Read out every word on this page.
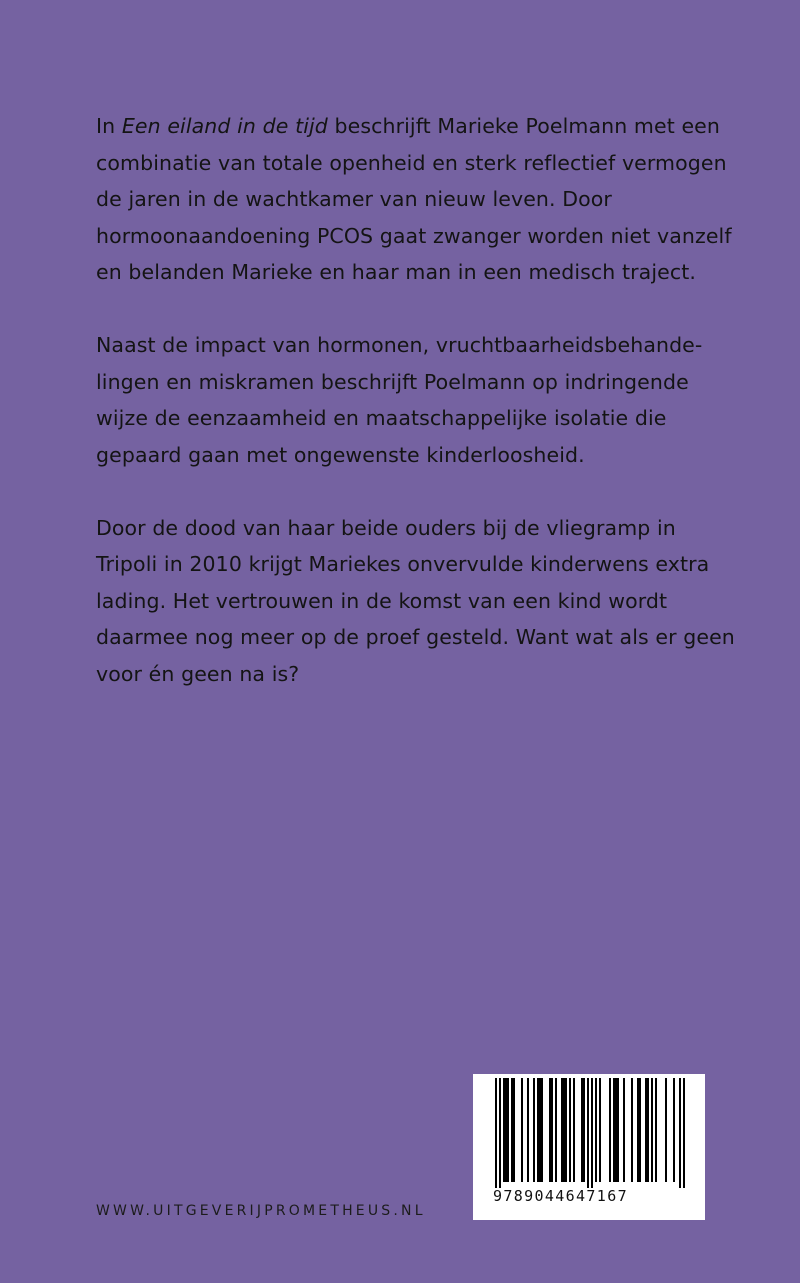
In Een eiland in de tijd beschrijft Marieke Poelmann met een combinatie van totale openheid en sterk reflectief vermogen de jaren in de wachtkamer van nieuw leven. Door hormoonaandoening PCOS gaat zwanger worden niet vanzelf en belanden Marieke en haar man in een medisch traject.

Naast de impact van hormonen, vruchtbaarheidsbehande-lingen en miskramen beschrijft Poelmann op indringende wijze de eenzaamheid en maatschappelijke isolatie die gepaard gaan met ongewenste kinderloosheid.

Door de dood van haar beide ouders bij de vliegramp in Tripoli in 2010 krijgt Mariekes onvervulde kinderwens extra lading. Het vertrouwen in de komst van een kind wordt daarmee nog meer op de proef gesteld. Want wat als er geen voor én geen na is?

WWW.UITGEVERIJPROMETHEUS.NL
9789044647167
